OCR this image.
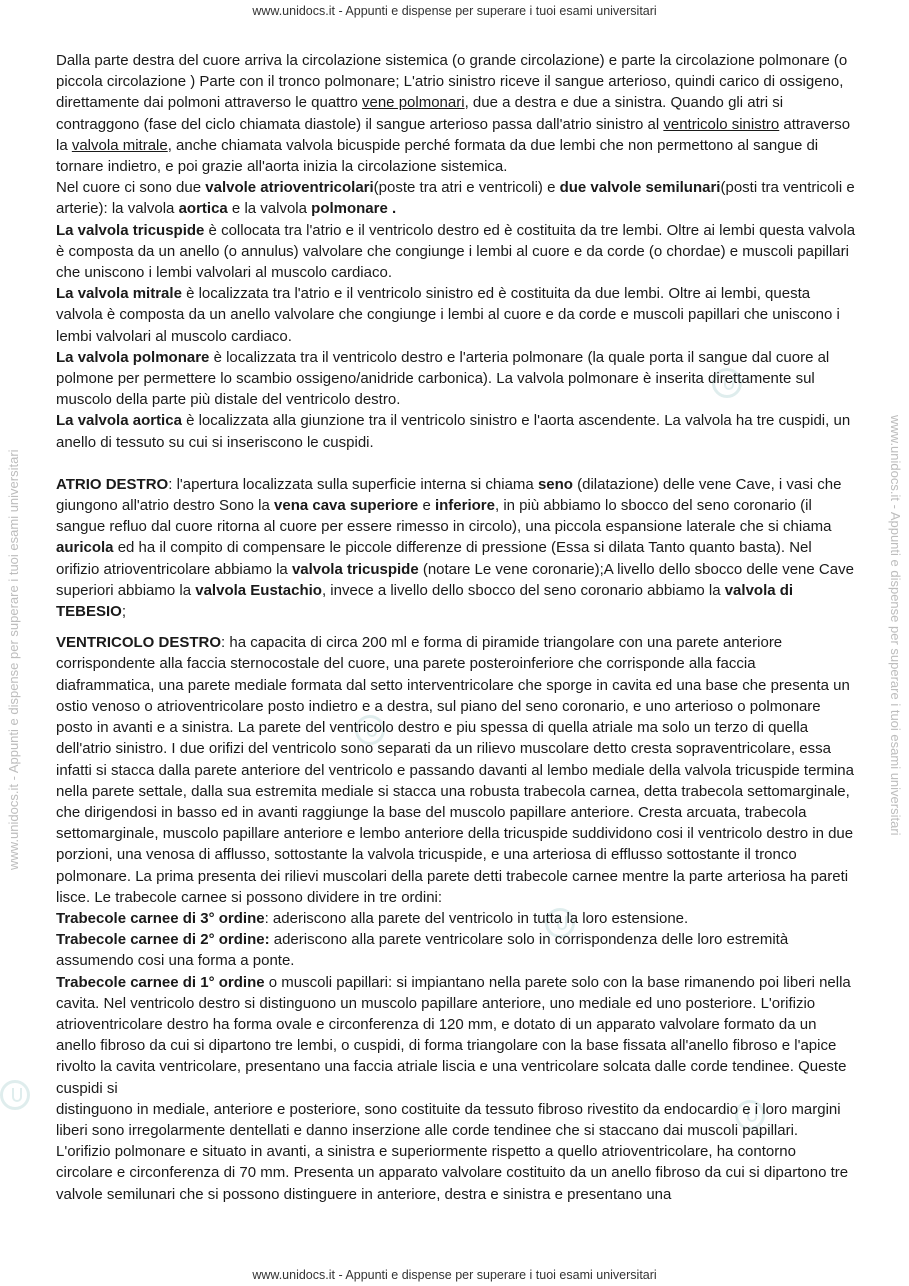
www.unidocs.it - Appunti e dispense per superare i tuoi esami universitari
www.unidocs.it - Appunti e dispense per superare i tuoi esami universitari
www.unidocs.it - Appunti e dispense per superare i tuoi esami universitari	www.unidocs.it - Appunti e dispense per superare i tuoi esami universitari

Dalla parte destra del cuore arriva la circolazione sistemica (o grande circolazione) e parte la circolazione polmonare (o piccola circolazione ) Parte con il tronco polmonare; L'atrio sinistro riceve il sangue arterioso, quindi carico di ossigeno, direttamente dai polmoni attraverso le quattro vene polmonari, due a destra e due a sinistra. Quando gli atri si contraggono (fase del ciclo chiamata diastole) il sangue arterioso passa dall'atrio sinistro al ventricolo sinistro attraverso la valvola mitrale, anche chiamata valvola bicuspide perché formata da due lembi che non permettono al sangue di tornare indietro, e poi grazie all'aorta inizia la circolazione sistemica.

Nel cuore ci sono due valvole atrioventricolari(poste tra atri e ventricoli) e due valvole semilunari(posti tra ventricoli e arterie): la valvola aortica e la valvola polmonare .

La valvola tricuspide è collocata tra l'atrio e il ventricolo destro ed è costituita da tre lembi. Oltre ai lembi questa valvola è composta da un anello (o annulus) valvolare che congiunge i lembi al cuore e da corde (o chordae) e muscoli papillari che uniscono i lembi valvolari al muscolo cardiaco.

La valvola mitrale è localizzata tra l'atrio e il ventricolo sinistro ed è costituita da due lembi. Oltre ai lembi, questa valvola è composta da un anello valvolare che congiunge i lembi al cuore e da corde e muscoli papillari che uniscono i lembi valvolari al muscolo cardiaco.

La valvola polmonare è localizzata tra il ventricolo destro e l'arteria polmonare (la quale porta il sangue dal cuore al polmone per permettere lo scambio ossigeno/anidride carbonica). La valvola polmonare è inserita direttamente sul muscolo della parte più distale del ventricolo destro.

La valvola aortica è localizzata alla giunzione tra il ventricolo sinistro e l'aorta ascendente. La valvola ha tre cuspidi, un anello di tessuto su cui si inseriscono le cuspidi.

ATRIO DESTRO: l'apertura localizzata sulla superficie interna si chiama seno (dilatazione) delle vene Cave, i vasi che giungono all'atrio destro Sono la vena cava superiore e inferiore, in più abbiamo lo sbocco del seno coronario (il sangue refluo dal cuore ritorna al cuore per essere rimesso in circolo), una piccola espansione laterale che si chiama auricola ed ha il compito di compensare le piccole differenze di pressione (Essa si dilata Tanto quanto basta). Nel orifizio atrioventricolare abbiamo la valvola tricuspide (notare Le vene coronarie);A livello dello sbocco delle vene Cave superiori abbiamo la valvola Eustachio, invece a livello dello sbocco del seno coronario abbiamo la valvola di TEBESIO;

VENTRICOLO DESTRO: ha capacita di circa 200 ml e forma di piramide triangolare con una parete anteriore corrispondente alla faccia sternocostale del cuore, una parete posteroinferiore che corrisponde alla faccia diaframmatica, una parete mediale formata dal setto interventricolare che sporge in cavita ed una base che presenta un ostio venoso o atrioventricolare posto indietro e a destra, sul piano del seno coronario, e uno arterioso o polmonare posto in avanti e a sinistra. La parete del ventricolo destro e piu spessa di quella atriale ma solo un terzo di quella dell'atrio sinistro. I due orifizi del ventricolo sono separati da un rilievo muscolare detto cresta sopraventricolare, essa infatti si stacca dalla parete anteriore del ventricolo e passando davanti al lembo mediale della valvola tricuspide termina nella parete settale, dalla sua estremita mediale si stacca una robusta trabecola carnea, detta trabecola settomarginale, che dirigendosi in basso ed in avanti raggiunge la base del muscolo papillare anteriore. Cresta arcuata, trabecola settomarginale, muscolo papillare anteriore e lembo anteriore della tricuspide suddividono cosi il ventricolo destro in due porzioni, una venosa di afflusso, sottostante la valvola tricuspide, e una arteriosa di efflusso sottostante il tronco polmonare. La prima presenta dei rilievi muscolari della parete detti trabecole carnee mentre la parte arteriosa ha pareti lisce. Le trabecole carnee si possono dividere in tre ordini:

Trabecole carnee di 3° ordine: aderiscono alla parete del ventricolo in tutta la loro estensione.

Trabecole carnee di 2° ordine: aderiscono alla parete ventricolare solo in corrispondenza delle loro estremità assumendo cosi una forma a ponte.

Trabecole carnee di 1° ordine o muscoli papillari: si impiantano nella parete solo con la base rimanendo poi liberi nella cavita. Nel ventricolo destro si distinguono un muscolo papillare anteriore, uno mediale ed uno posteriore. L'orifizio atrioventricolare destro ha forma ovale e circonferenza di 120 mm, e dotato di un apparato valvolare formato da un anello fibroso da cui si dipartono tre lembi, o cuspidi, di forma triangolare con la base fissata all'anello fibroso e l'apice rivolto la cavita ventricolare, presentano una faccia atriale liscia e una ventricolare solcata dalle corde tendinee. Queste cuspidi si

distinguono in mediale, anteriore e posteriore, sono costituite da tessuto fibroso rivestito da endocardio e i loro margini liberi sono irregolarmente dentellati e danno inserzione alle corde tendinee che si staccano dai muscoli papillari. L'orifizio polmonare e situato in avanti, a sinistra e superiormente rispetto a quello atrioventricolare, ha contorno circolare e circonferenza di 70 mm. Presenta un apparato valvolare costituito da un anello fibroso da cui si dipartono tre valvole semilunari che si possono distinguere in anteriore, destra e sinistra e presentano una
